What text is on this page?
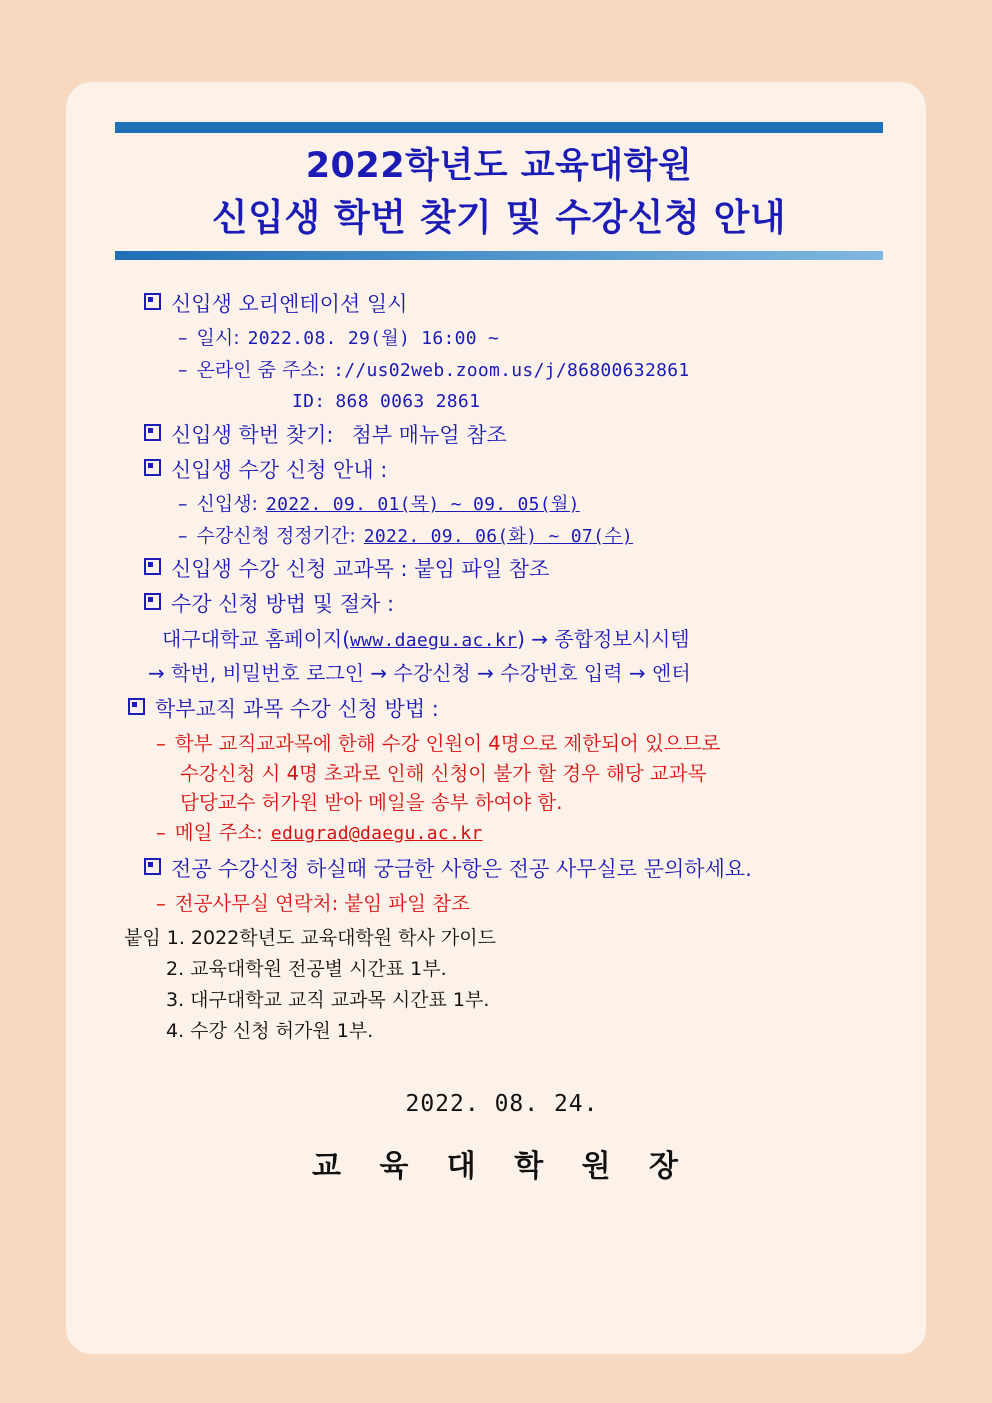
2022학년도 교육대학원
신입생 학번 찾기 및 수강신청 안내
신입생 오리엔테이션 일시
– 일시: 2022.08. 29(월) 16:00 ~
– 온라인 줌 주소: ://us02web.zoom.us/j/86800632861
ID: 868 0063 2861
신입생 학번 찾기: 첨부 매뉴얼 참조
신입생 수강 신청 안내 :
– 신입생: 2022. 09. 01(목) ~ 09. 05(월)
– 수강신청 정정기간: 2022. 09. 06(화) ~ 07(수)
신입생 수강 신청 교과목 : 붙임 파일 참조
수강 신청 방법 및 절차 :
대구대학교 홈페이지( www.daegu.ac.kr ) → 종합정보시시템
→ 학번, 비밀번호 로그인 → 수강신청 → 수강번호 입력 → 엔터
학부교직 과목 수강 신청 방법 :
– 학부 교직교과목에 한해 수강 인원이 4명으로 제한되어 있으므로
수강신청 시 4명 초과로 인해 신청이 불가 할 경우 해당 교과목
담당교수 허가원 받아 메일을 송부 하여야 함.
– 메일 주소: edugrad@daegu.ac.kr
전공 수강신청 하실때 궁금한 사항은 전공 사무실로 문의하세요.
– 전공사무실 연락처: 붙임 파일 참조
붙임 1. 2022학년도 교육대학원 학사 가이드
2. 교육대학원 전공별 시간표 1부.
3. 대구대학교 교직 교과목 시간표 1부.
4. 수강 신청 허가원 1부.
2022. 08. 24.
교 육 대 학 원 장
